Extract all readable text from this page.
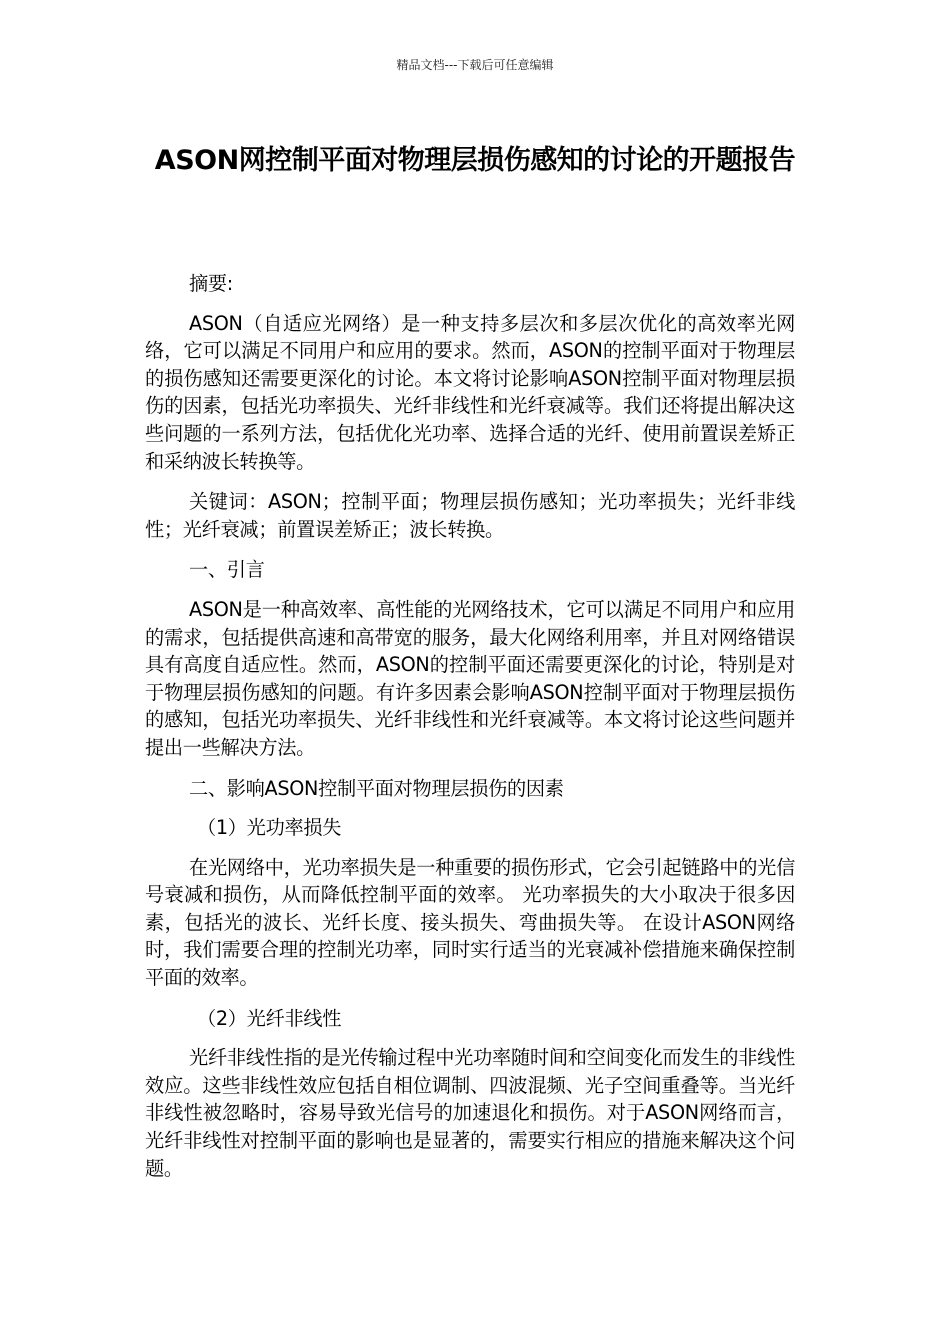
精品文档---下载后可任意编辑
ASON网控制平面对物理层损伤感知的讨论的开题报告

摘要:

ASON（自适应光网络）是一种支持多层次和多层次优化的高效率光网络，它可以满足不同用户和应用的要求。然而，ASON的控制平面对于物理层的损伤感知还需要更深化的讨论。本文将讨论影响ASON控制平面对物理层损伤的因素，包括光功率损失、光纤非线性和光纤衰减等。我们还将提出解决这些问题的一系列方法，包括优化光功率、选择合适的光纤、使用前置误差矫正和采纳波长转换等。

关键词：ASON；控制平面；物理层损伤感知；光功率损失；光纤非线性；光纤衰减；前置误差矫正；波长转换。

一、引言

ASON是一种高效率、高性能的光网络技术，它可以满足不同用户和应用的需求，包括提供高速和高带宽的服务，最大化网络利用率，并且对网络错误具有高度自适应性。然而，ASON的控制平面还需要更深化的讨论，特别是对于物理层损伤感知的问题。有许多因素会影响ASON控制平面对于物理层损伤的感知，包括光功率损失、光纤非线性和光纤衰减等。本文将讨论这些问题并提出一些解决方法。

二、影响ASON控制平面对物理层损伤的因素

（1）光功率损失

在光网络中，光功率损失是一种重要的损伤形式，它会引起链路中的光信号衰减和损伤，从而降低控制平面的效率。 光功率损失的大小取决于很多因素，包括光的波长、光纤长度、接头损失、弯曲损失等。 在设计ASON网络时，我们需要合理的控制光功率，同时实行适当的光衰减补偿措施来确保控制平面的效率。

（2）光纤非线性

光纤非线性指的是光传输过程中光功率随时间和空间变化而发生的非线性效应。这些非线性效应包括自相位调制、四波混频、光子空间重叠等。当光纤非线性被忽略时，容易导致光信号的加速退化和损伤。对于ASON网络而言，光纤非线性对控制平面的影响也是显著的，需要实行相应的措施来解决这个问题。
